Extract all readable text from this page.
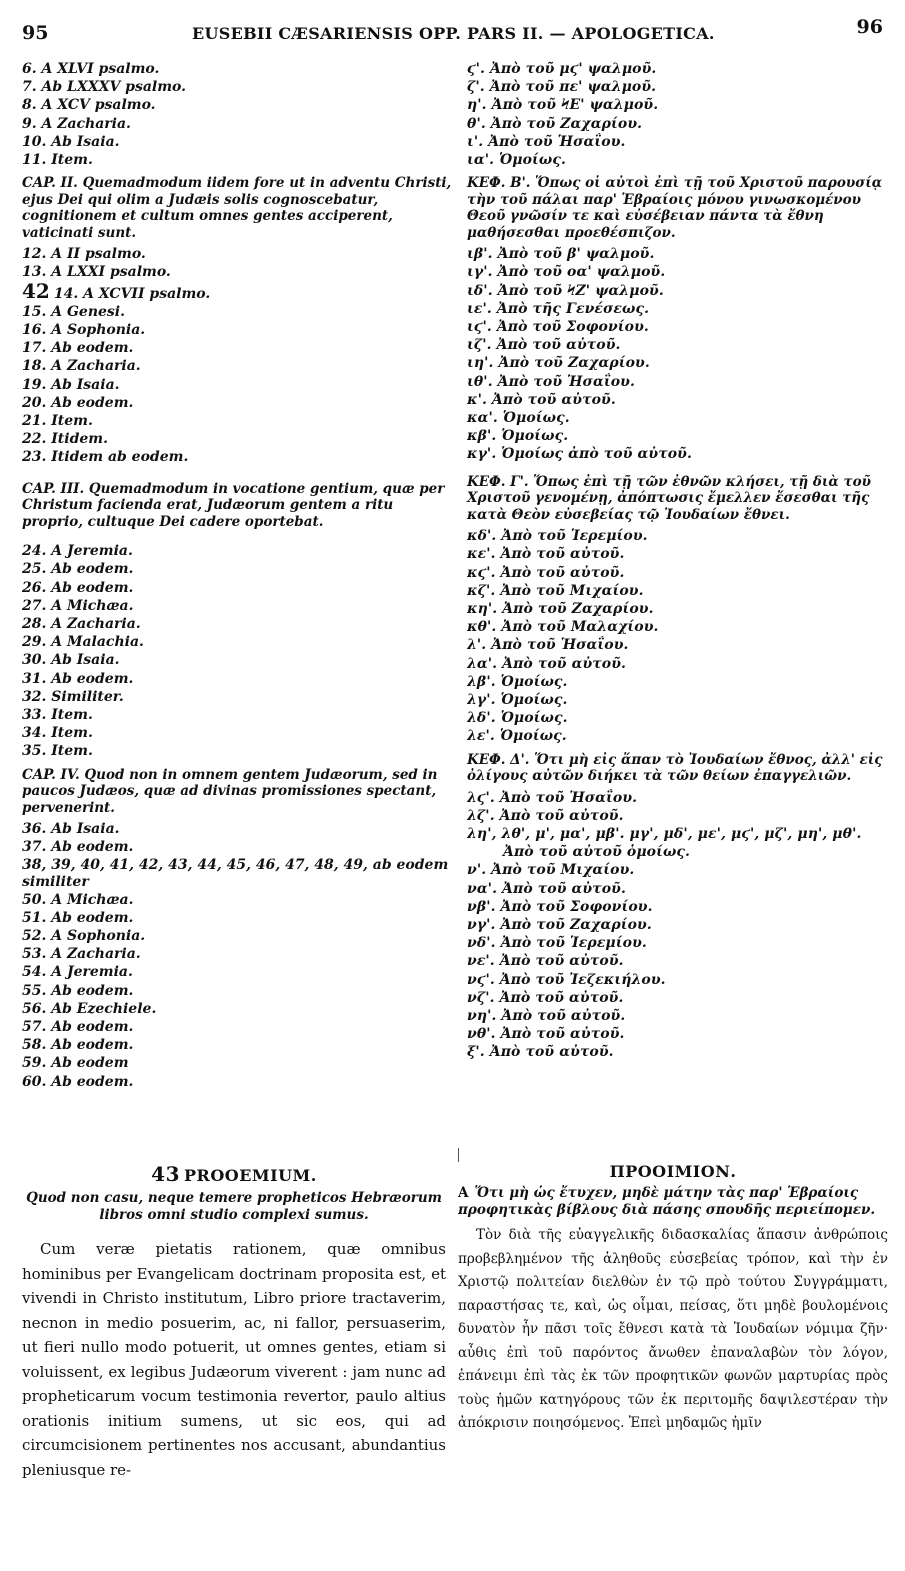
95	EUSEBII CÆSARIENSIS OPP. PARS II. — APOLOGETICA.	96
6. A XLVI psalmo.
7. Ab LXXXV psalmo.
8. A XCV psalmo.
9. A Zacharia.
10. Ab Isaia.
11. Item.
CAP. II. Quemadmodum iidem fore ut in adventu Christi, ejus Dei qui olim a Judæis solis cognoscebatur, cognitionem et cultum omnes gentes acciperent, vaticinati sunt.
12. A II psalmo.
13. A LXXI psalmo.
42 14. A XCVII psalmo.
15. A Genesi.
16. A Sophonia.
17. Ab eodem.
18. A Zacharia.
19. Ab Isaia.
20. Ab eodem.
21. Item.
22. Itidem.
23. Itidem ab eodem.
CAP. III. Quemadmodum in vocatione gentium, quæ per Christum facienda erat, Judæorum gentem a ritu proprio, cultuque Dei cadere oportebat.
24. A Jeremia.
25. Ab eodem.
26. Ab eodem.
27. A Michæa.
28. A Zacharia.
29. A Malachia.
30. Ab Isaia.
31. Ab eodem.
32. Similiter.
33. Item.
34. Item.
35. Item.
CAP. IV. Quod non in omnem gentem Judæorum, sed in paucos Judæos, quæ ad divinas promissiones spectant, pervenerint.
36. Ab Isaia.
37. Ab eodem.
38, 39, 40, 41, 42, 43, 44, 45, 46, 47, 48, 49, ab eodem similiter
50. A Michæa.
51. Ab eodem.
52. A Sophonia.
53. A Zacharia.
54. A Jeremia.
55. Ab eodem.
56. Ab Ezechiele.
57. Ab eodem.
58. Ab eodem.
59. Ab eodem
60. Ab eodem.
ϛ'. Ἀπὸ τοῦ μϛ' ψαλμοῦ.
ζ'. Ἀπὸ τοῦ πε' ψαλμοῦ.
η'. Ἀπὸ τοῦ ϞΕ' ψαλμοῦ.
θ'. Ἀπὸ τοῦ Ζαχαρίου.
ι'. Ἀπὸ τοῦ Ἡσαΐου.
ια'. Ὁμοίως.
ΚΕΦ. Β'. Ὅπως οἱ αὐτοὶ ἐπὶ τῇ τοῦ Χριστοῦ παρουσίᾳ τὴν τοῦ πάλαι παρ' Ἑβραίοις μόνου γινωσκομένου Θεοῦ γνῶσίν τε καὶ εὐσέβειαν πάντα τὰ ἔθνη μαθήσεσθαι προεθέσπιζον.
ιβ'. Ἀπὸ τοῦ β' ψαλμοῦ.
ιγ'. Ἀπὸ τοῦ οα' ψαλμοῦ.
ιδ'. Ἀπὸ τοῦ ϞΖ' ψαλμοῦ.
ιε'. Ἀπὸ τῆς Γενέσεως.
ιϛ'. Ἀπὸ τοῦ Σοφονίου.
ιζ'. Ἀπὸ τοῦ αὐτοῦ.
ιη'. Ἀπὸ τοῦ Ζαχαρίου.
ιθ'. Ἀπὸ τοῦ Ἡσαΐου.
κ'. Ἀπὸ τοῦ αὐτοῦ.
κα'. Ὁμοίως.
κβ'. Ὁμοίως.
κγ'. Ὁμοίως ἀπὸ τοῦ αὐτοῦ.
ΚΕΦ. Γ'. Ὅπως ἐπὶ τῇ τῶν ἐθνῶν κλήσει, τῇ διὰ τοῦ Χριστοῦ γενομένῃ, ἀπόπτωσις ἔμελλεν ἔσεσθαι τῆς κατὰ Θεὸν εὐσεβείας τῷ Ἰουδαίων ἔθνει.
κδ'. Ἀπὸ τοῦ Ἱερεμίου.
κε'. Ἀπὸ τοῦ αὐτοῦ.
κϛ'. Ἀπὸ τοῦ αὐτοῦ.
κζ'. Ἀπὸ τοῦ Μιχαίου.
κη'. Ἀπὸ τοῦ Ζαχαρίου.
κθ'. Ἀπὸ τοῦ Μαλαχίου.
λ'. Ἀπὸ τοῦ Ἡσαΐου.
λα'. Ἀπὸ τοῦ αὐτοῦ.
λβ'. Ὁμοίως.
λγ'. Ὁμοίως.
λδ'. Ὁμοίως.
λε'. Ὁμοίως.
ΚΕΦ. Δ'. Ὅτι μὴ εἰς ἅπαν τὸ Ἰουδαίων ἔθνος, ἀλλ' εἰς ὀλίγους αὐτῶν διήκει τὰ τῶν θείων ἐπαγγελιῶν.
λϛ'. Ἀπὸ τοῦ Ἡσαΐου.
λζ'. Ἀπὸ τοῦ αὐτοῦ.
λη', λθ', μ', μα', μβ'. μγ', μδ', με', μϛ', μζ', μη', μθ'.
Ἀπὸ τοῦ αὐτοῦ ὁμοίως.
ν'. Ἀπὸ τοῦ Μιχαίου.
να'. Ἀπὸ τοῦ αὐτοῦ.
νβ'. Ἀπὸ τοῦ Σοφονίου.
νγ'. Ἀπὸ τοῦ Ζαχαρίου.
νδ'. Ἀπὸ τοῦ Ἱερεμίου.
νε'. Ἀπὸ τοῦ αὐτοῦ.
νϛ'. Ἀπὸ τοῦ Ἰεζεκιήλου.
νζ'. Ἀπὸ τοῦ αὐτοῦ.
νη'. Ἀπὸ τοῦ αὐτοῦ.
νθ'. Ἀπὸ τοῦ αὐτοῦ.
ξ'. Ἀπὸ τοῦ αὐτοῦ.
43 PROOEMIUM.
Quod non casu, neque temere propheticos Hebræorum libros omni studio complexi sumus.
Cum veræ pietatis rationem, quæ omnibus hominibus per Evangelicam doctrinam proposita est, et vivendi in Christo institutum, Libro priore tractaverim, necnon in medio posuerim, ac, ni fallor, persuaserim, ut fieri nullo modo potuerit, ut omnes gentes, etiam si voluissent, ex legibus Judæorum viverent : jam nunc ad propheticarum vocum testimonia revertor, paulo altius orationis initium sumens, ut sic eos, qui ad circumcisionem pertinentes nos accusant, abundantius pleniusque re-
ΠΡΟΟΙΜΙΟΝ.
A Ὅτι μὴ ὡς ἔτυχεν, μηδὲ μάτην τὰς παρ' Ἑβραίοις προφητικὰς βίβλους διὰ πάσης σπουδῆς περιείπομεν.
Τὸν διὰ τῆς εὐαγγελικῆς διδασκαλίας ἅπασιν ἀνθρώποις προβεβλημένον τῆς ἀληθοῦς εὐσεβείας τρόπον, καὶ τὴν ἐν Χριστῷ πολιτείαν διελθὼν ἐν τῷ πρὸ τούτου Συγγράμματι, παραστήσας τε, καὶ, ὡς οἶμαι, πείσας, ὅτι μηδὲ βουλομένοις δυνατὸν ἦν πᾶσι τοῖς ἔθνεσι κατὰ τὰ Ἰουδαίων νόμιμα ζῆν· αὖθις ἐπὶ τοῦ παρόντος ἄνωθεν ἐπαναλαβὼν τὸν λόγον, ἐπάνειμι ἐπὶ τὰς ἐκ τῶν προφητικῶν φωνῶν μαρτυρίας πρὸς τοὺς ἡμῶν κατηγόρους τῶν ἐκ περιτομῆς δαψιλεστέραν τὴν ἀπόκρισιν ποιησόμενος. Ἐπεὶ μηδαμῶς ἡμῖν
